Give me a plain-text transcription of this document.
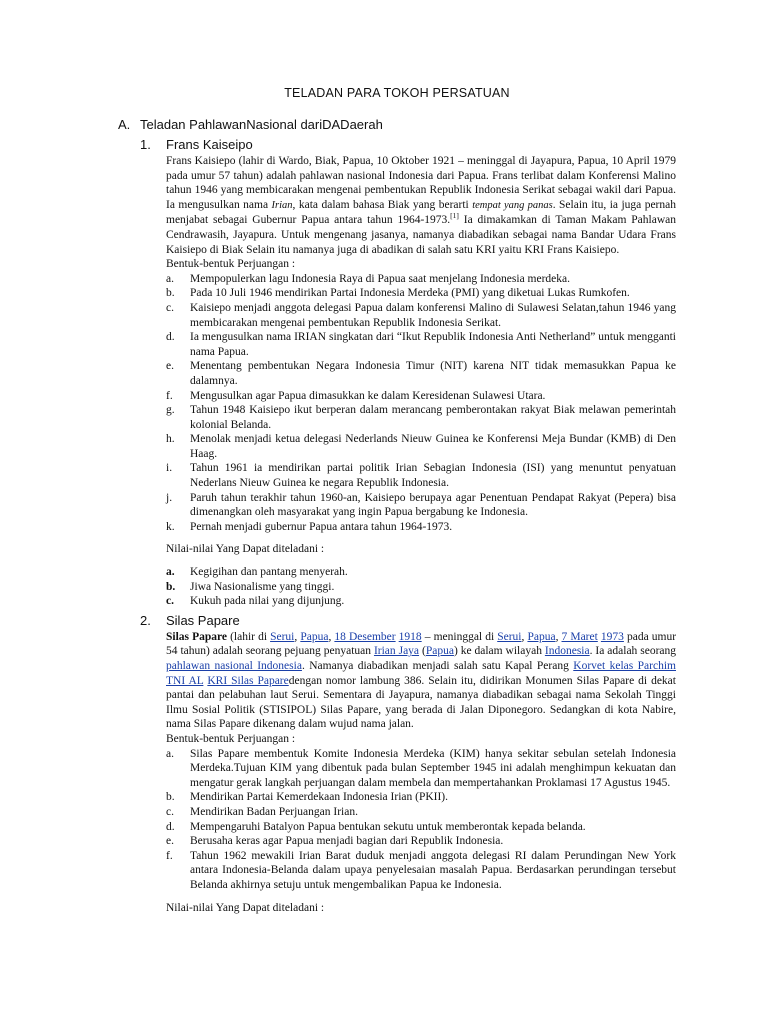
TELADAN PARA TOKOH PERSATUAN
A. Teladan PahlawanNasional dariDADaerah
1.	Frans Kaiseipo

Frans Kaisiepo (lahir di Wardo, Biak, Papua, 10 Oktober 1921 – meninggal di Jayapura, Papua, 10 April 1979 pada umur 57 tahun) adalah pahlawan nasional Indonesia dari Papua. Frans terlibat dalam Konferensi Malino tahun 1946 yang membicarakan mengenai pembentukan Republik Indonesia Serikat sebagai wakil dari Papua. Ia mengusulkan nama Irian, kata dalam bahasa Biak yang berarti tempat yang panas. Selain itu, ia juga pernah menjabat sebagai Gubernur Papua antara tahun 1964-1973.[1] Ia dimakamkan di Taman Makam Pahlawan Cendrawasih, Jayapura. Untuk mengenang jasanya, namanya diabadikan sebagai nama Bandar Udara Frans Kaisiepo di Biak Selain itu namanya juga di abadikan di salah satu KRI yaitu KRI Frans Kaisiepo.

Bentuk-bentuk Perjuangan :

a.	Mempopulerkan lagu Indonesia Raya di Papua saat menjelang Indonesia merdeka.
b.	Pada 10 Juli 1946 mendirikan Partai Indonesia Merdeka (PMI) yang diketuai Lukas Rumkofen.
c.	Kaisiepo menjadi anggota delegasi Papua dalam konferensi Malino di Sulawesi Selatan,tahun 1946 yang membicarakan mengenai pembentukan Republik Indonesia Serikat.
d.	Ia mengusulkan nama IRIAN singkatan dari “Ikut Republik Indonesia Anti Netherland” untuk mengganti nama Papua.
e.	Menentang pembentukan Negara Indonesia Timur (NIT) karena NIT tidak memasukkan Papua ke dalamnya.
f.	Mengusulkan agar Papua dimasukkan ke dalam Keresidenan Sulawesi Utara.
g.	Tahun 1948 Kaisiepo ikut berperan dalam merancang pemberontakan rakyat Biak melawan pemerintah kolonial Belanda.
h.	Menolak menjadi ketua delegasi Nederlands Nieuw Guinea ke Konferensi Meja Bundar (KMB) di Den Haag.
i.	Tahun 1961 ia mendirikan partai politik Irian Sebagian Indonesia (ISI) yang menuntut penyatuan Nederlans Nieuw Guinea ke negara Republik Indonesia.
j.	Paruh tahun terakhir tahun 1960-an, Kaisiepo berupaya agar Penentuan Pendapat Rakyat (Pepera) bisa dimenangkan oleh masyarakat yang ingin Papua bergabung ke Indonesia.
k.	Pernah menjadi gubernur Papua antara tahun 1964-1973.

Nilai-nilai Yang Dapat diteladani :

a.	Kegigihan dan pantang menyerah.
b.	Jiwa Nasionalisme yang tinggi.
c.	Kukuh pada nilai yang dijunjung.
2.	Silas Papare

Silas Papare (lahir di Serui, Papua, 18 Desember 1918 – meninggal di Serui, Papua, 7 Maret 1973 pada umur 54 tahun) adalah seorang pejuang penyatuan Irian Jaya (Papua) ke dalam wilayah Indonesia. Ia adalah seorang pahlawan nasional Indonesia. Namanya diabadikan menjadi salah satu Kapal Perang Korvet kelas Parchim TNI AL KRI Silas Paparedengan nomor lambung 386. Selain itu, didirikan Monumen Silas Papare di dekat pantai dan pelabuhan laut Serui. Sementara di Jayapura, namanya diabadikan sebagai nama Sekolah Tinggi Ilmu Sosial Politik (STISIPOL) Silas Papare, yang berada di Jalan Diponegoro. Sedangkan di kota Nabire, nama Silas Papare dikenang dalam wujud nama jalan.

Bentuk-bentuk Perjuangan :

a.	Silas Papare membentuk Komite Indonesia Merdeka (KIM) hanya sekitar sebulan setelah Indonesia Merdeka.Tujuan KIM yang dibentuk pada bulan September 1945 ini adalah menghimpun kekuatan dan mengatur gerak langkah perjuangan dalam membela dan mempertahankan Proklamasi 17 Agustus 1945.
b.	Mendirikan Partai Kemerdekaan Indonesia Irian (PKII).
c.	Mendirikan Badan Perjuangan Irian.
d.	Mempengaruhi Batalyon Papua bentukan sekutu untuk memberontak kepada belanda.
e.	Berusaha keras agar Papua menjadi bagian dari Republik Indonesia.
f.	Tahun 1962 mewakili Irian Barat duduk menjadi anggota delegasi RI dalam Perundingan New York antara Indonesia-Belanda dalam upaya penyelesaian masalah Papua. Berdasarkan perundingan tersebut Belanda akhirnya setuju untuk mengembalikan Papua ke Indonesia.

Nilai-nilai Yang Dapat diteladani :
